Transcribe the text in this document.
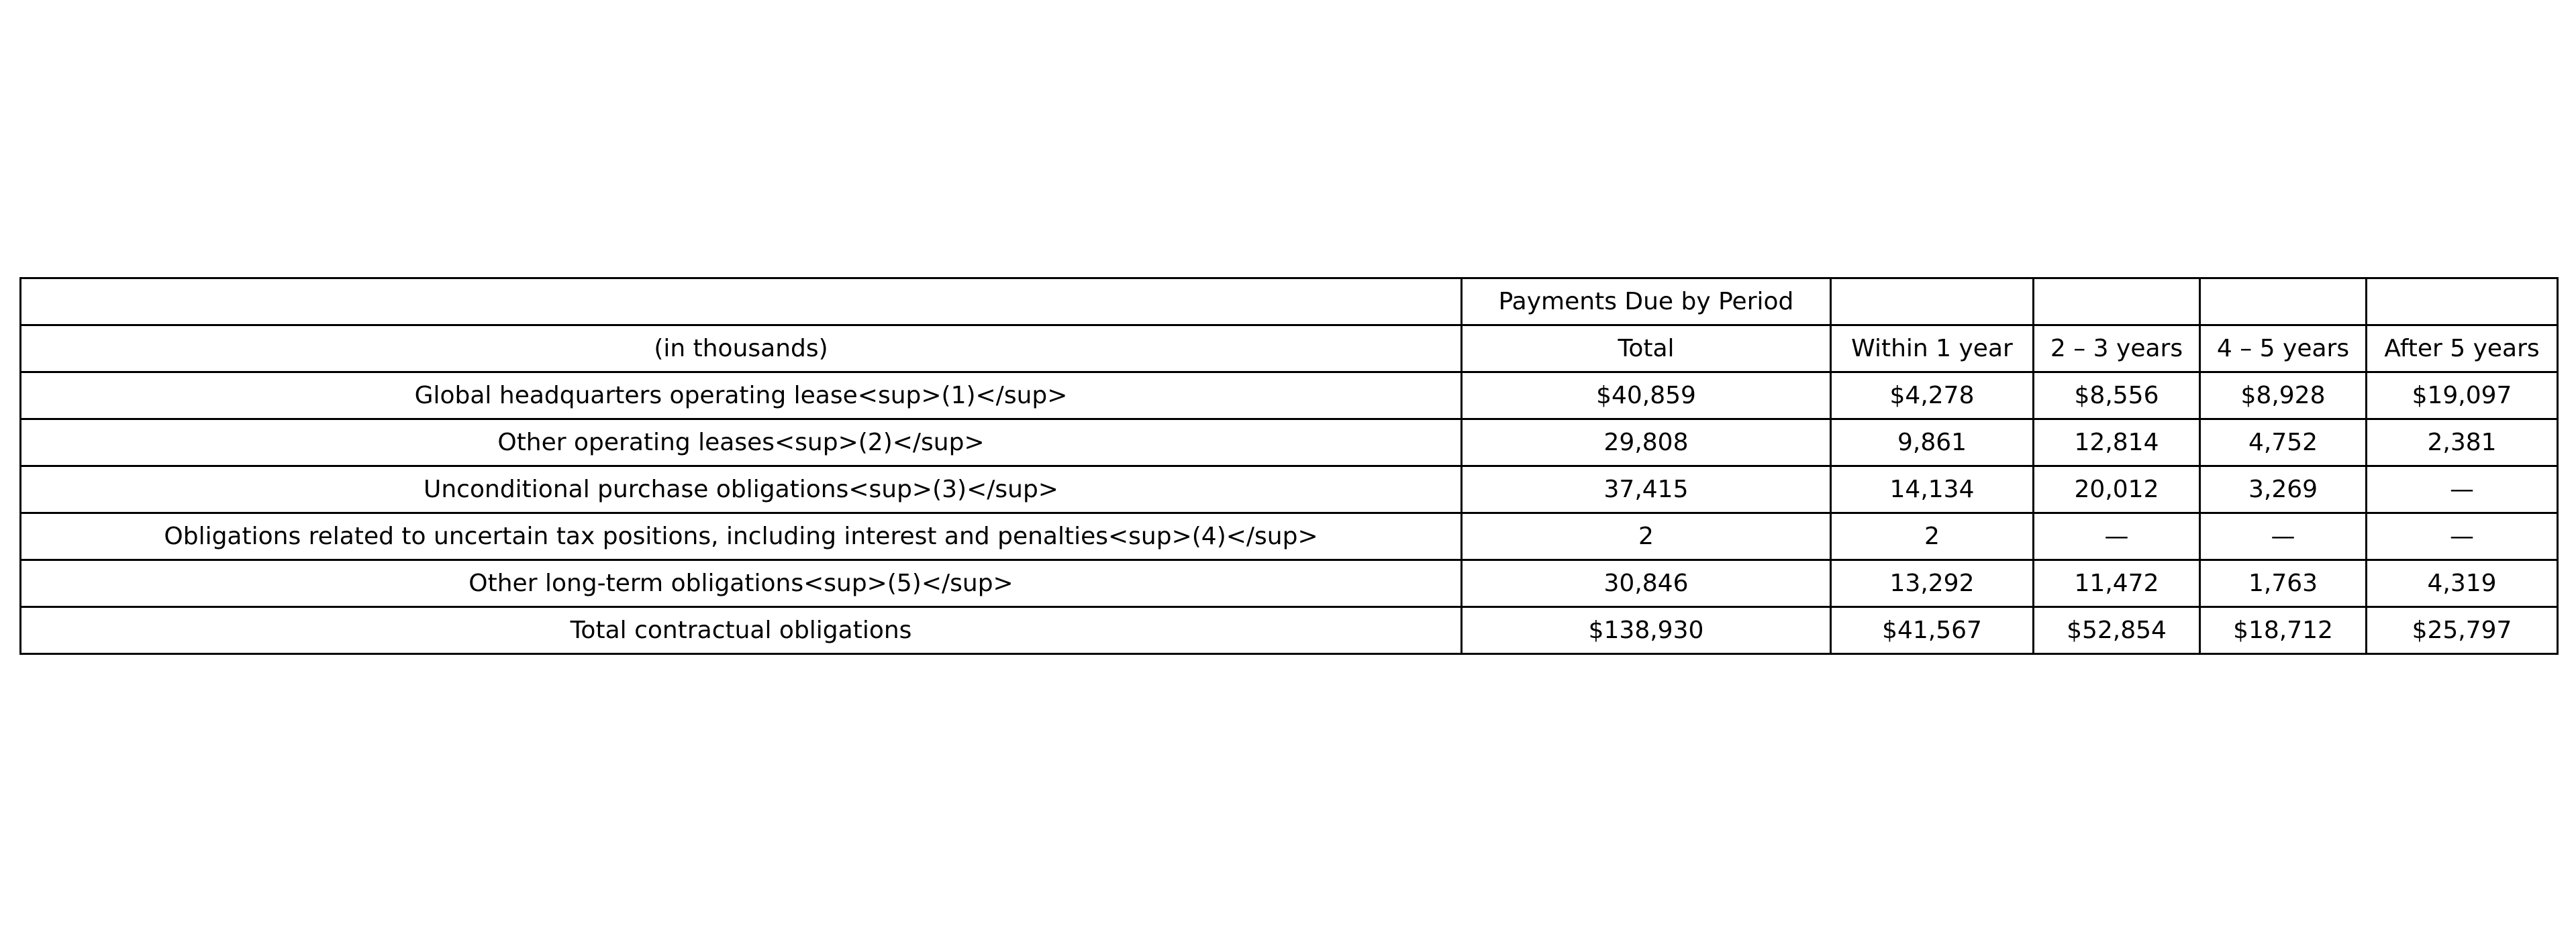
	Payments Due by Period				
(in thousands)	Total	Within 1 year	2 – 3 years	4 – 5 years	After 5 years
Global headquarters operating lease<sup>(1)</sup>	$40,859	$4,278	$8,556	$8,928	$19,097
Other operating leases<sup>(2)</sup>	29,808	9,861	12,814	4,752	2,381
Unconditional purchase obligations<sup>(3)</sup>	37,415	14,134	20,012	3,269	—
Obligations related to uncertain tax positions, including interest and penalties<sup>(4)</sup>	2	2	—	—	—
Other long-term obligations<sup>(5)</sup>	30,846	13,292	11,472	1,763	4,319
Total contractual obligations	$138,930	$41,567	$52,854	$18,712	$25,797
